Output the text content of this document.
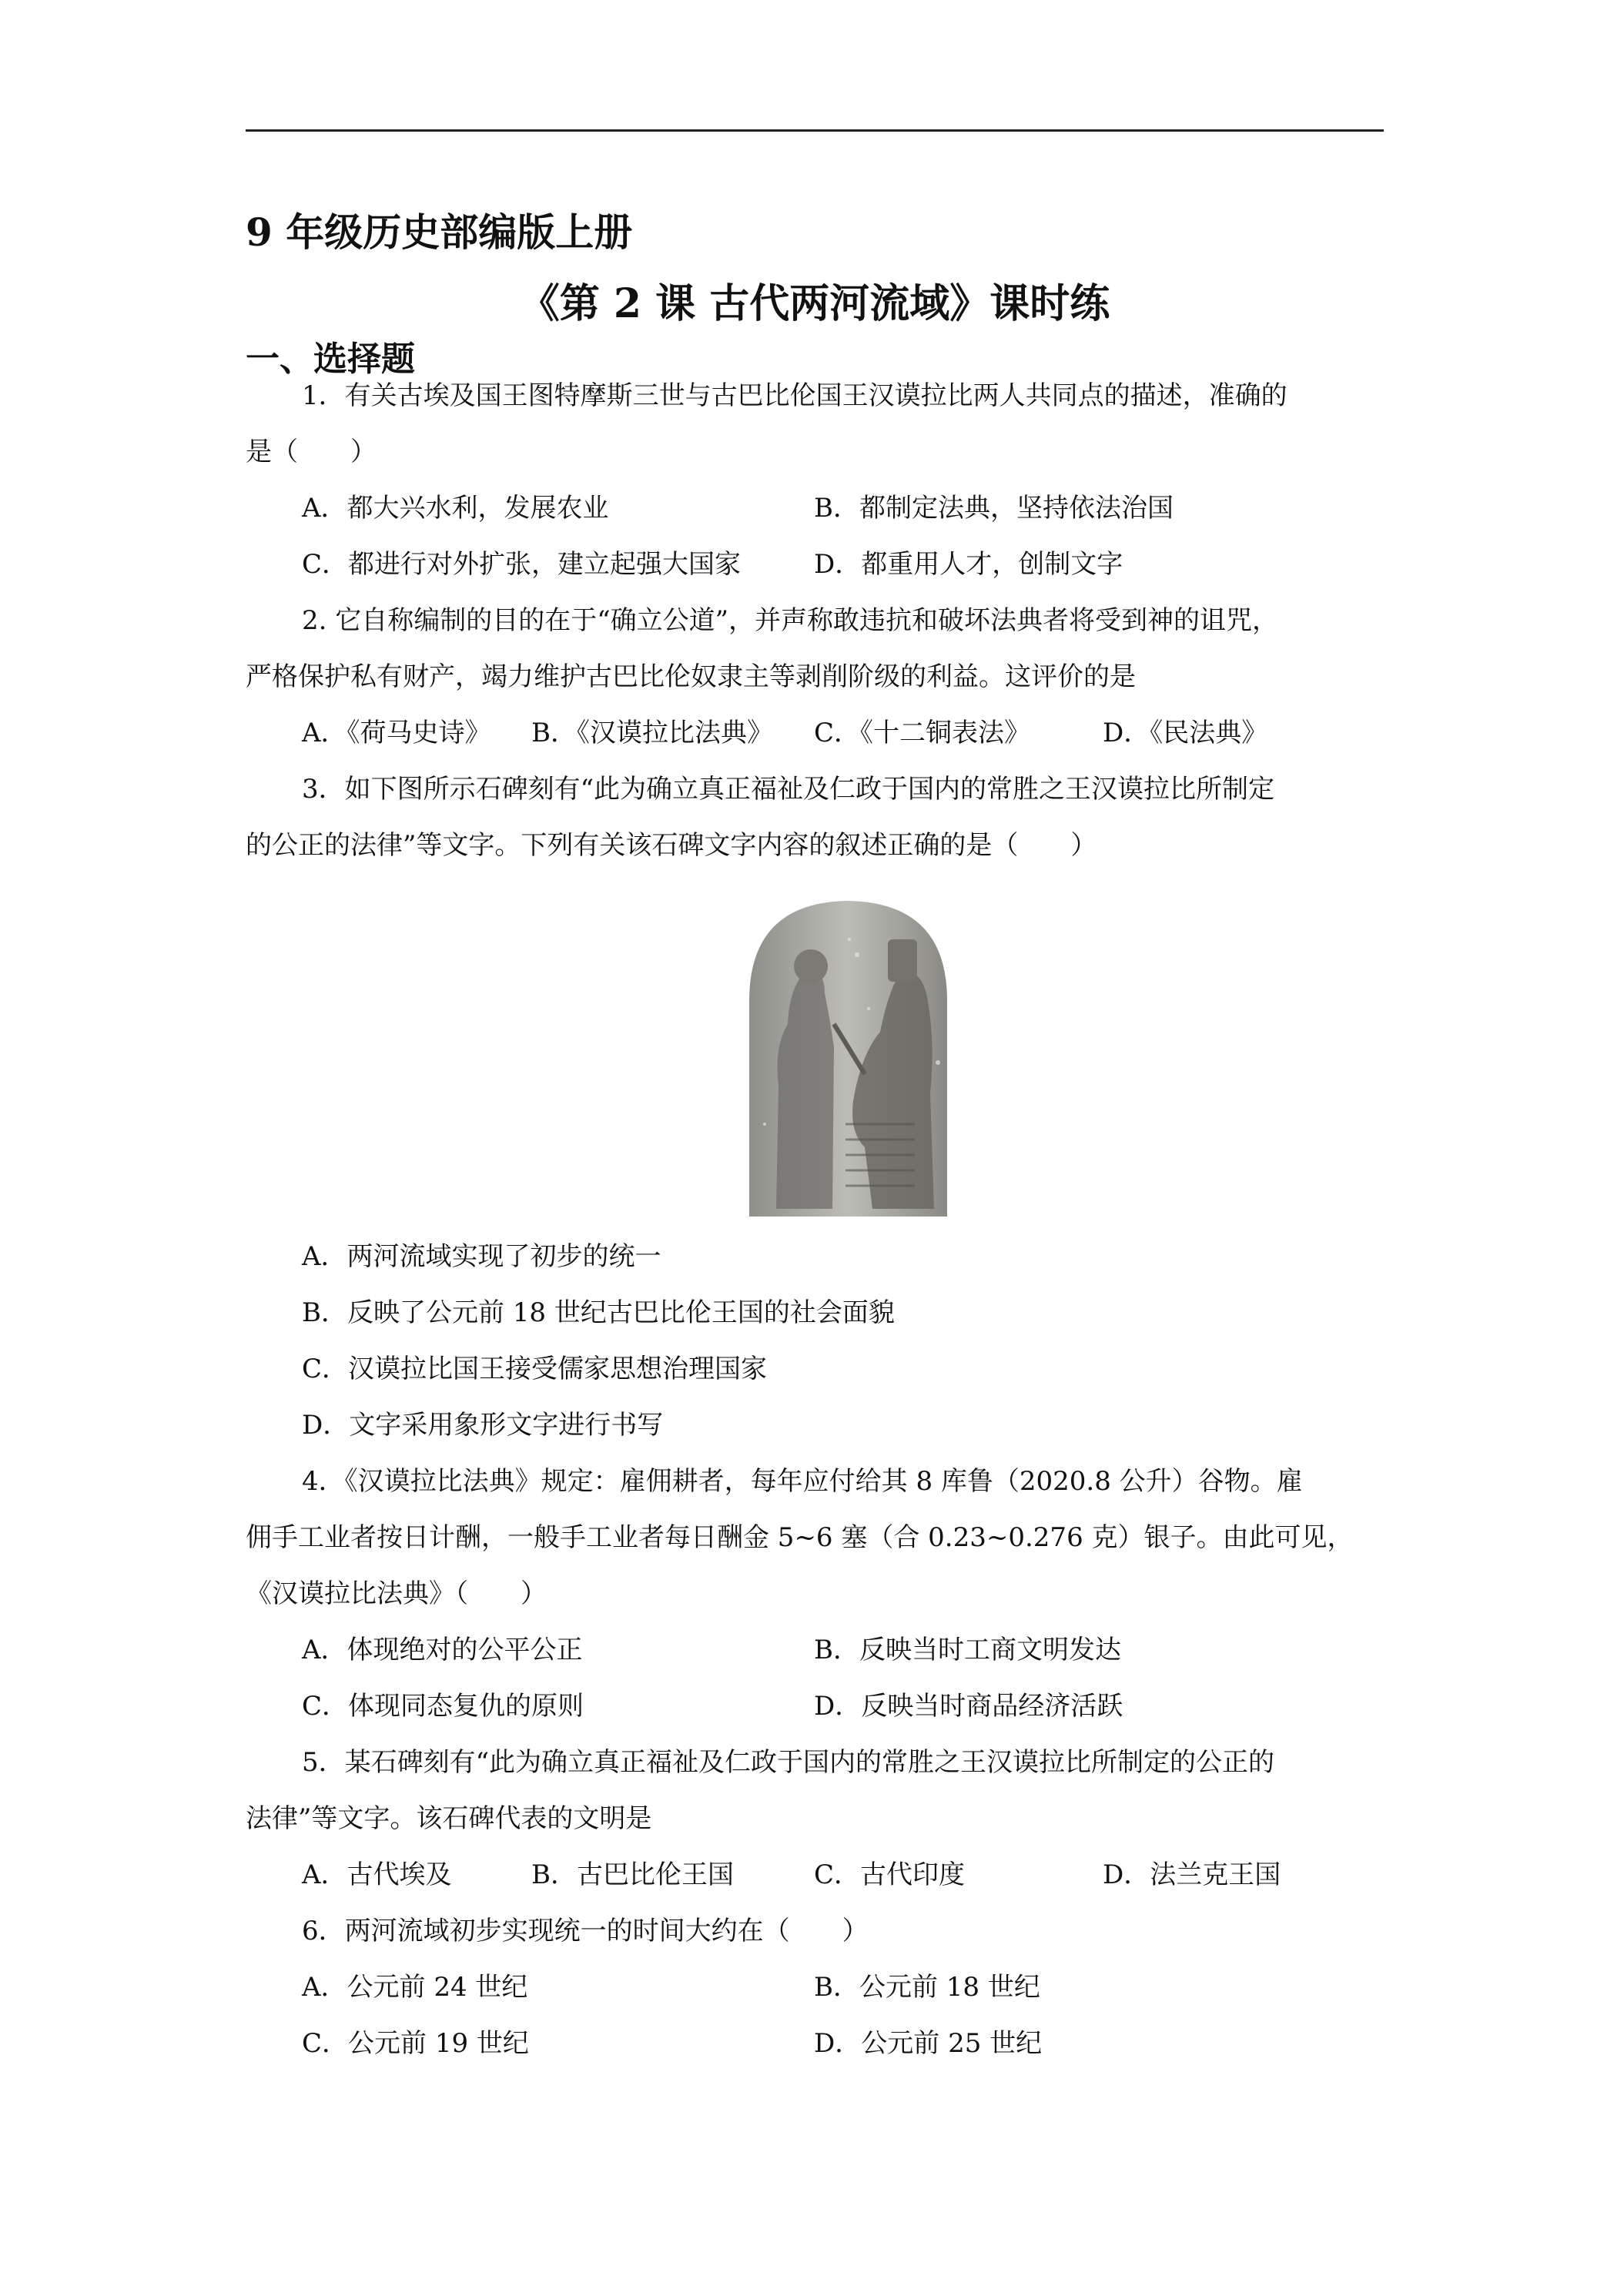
9 年级历史部编版上册
《第 2 课 古代两河流域》课时练
一、选择题
1．有关古埃及国王图特摩斯三世与古巴比伦国王汉谟拉比两人共同点的描述，准确的
是（　　）
A．都大兴水利，发展农业	B．都制定法典，坚持依法治国
C．都进行对外扩张，建立起强大国家	D．都重用人才，创制文字
2. 它自称编制的目的在于“确立公道”，并声称敢违抗和破坏法典者将受到神的诅咒，
严格保护私有财产，竭力维护古巴比伦奴隶主等剥削阶级的利益。这评价的是
A．《荷马史诗》 B．《汉谟拉比法典》 C．《十二铜表法》	D．《民法典》
3．如下图所示石碑刻有“此为确立真正福祉及仁政于国内的常胜之王汉谟拉比所制定
的公正的法律”等文字。下列有关该石碑文字内容的叙述正确的是（　　）
A．两河流域实现了初步的统一
B．反映了公元前 18 世纪古巴比伦王国的社会面貌
C．汉谟拉比国王接受儒家思想治理国家
D．文字采用象形文字进行书写
4．《汉谟拉比法典》规定：雇佣耕者，每年应付给其 8 库鲁（2020.8 公升）谷物。雇
佣手工业者按日计酬，一般手工业者每日酬金 5~6 塞（合 0.23~0.276 克）银子。由此可见，
《汉谟拉比法典》（　　）
A．体现绝对的公平公正	B．反映当时工商文明发达
C．体现同态复仇的原则	D．反映当时商品经济活跃
5．某石碑刻有“此为确立真正福祉及仁政于国内的常胜之王汉谟拉比所制定的公正的
法律”等文字。该石碑代表的文明是
A．古代埃及	B．古巴比伦王国	C．古代印度	D．法兰克王国
6．两河流域初步实现统一的时间大约在（　　）
A．公元前 24 世纪	B．公元前 18 世纪
C．公元前 19 世纪	D．公元前 25 世纪
